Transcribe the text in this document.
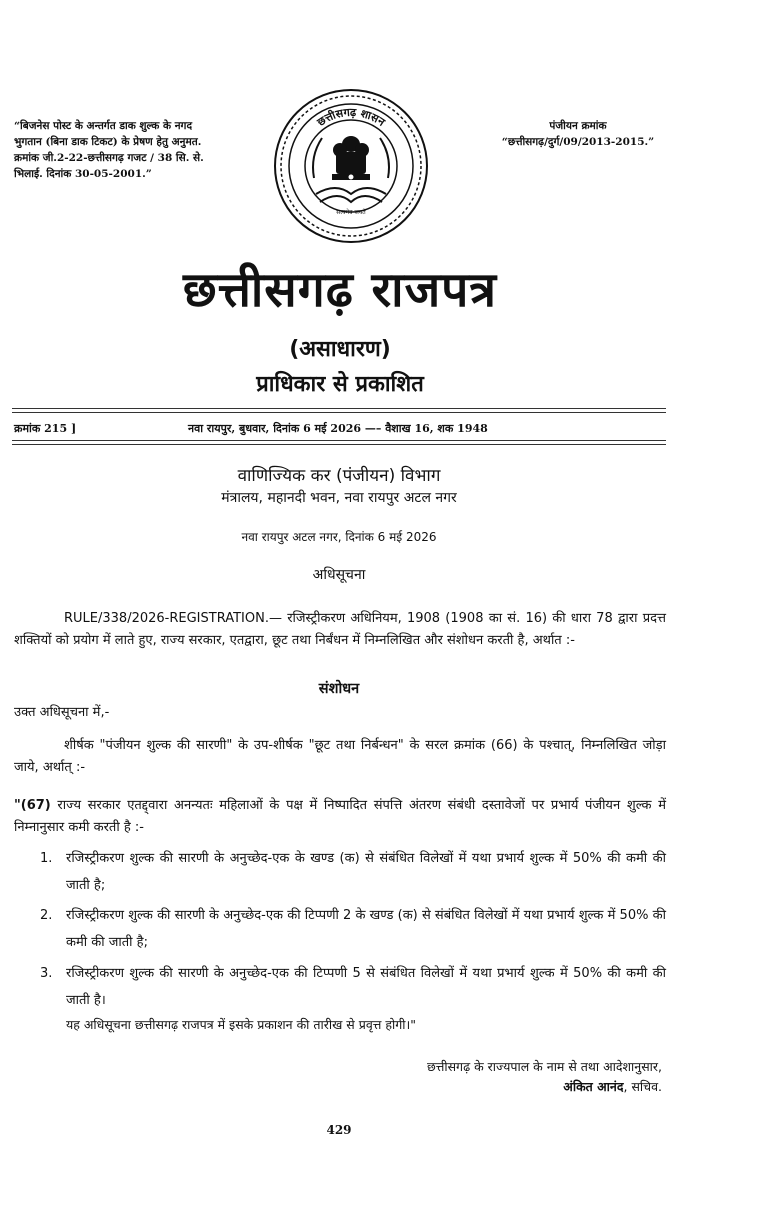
“बिजनेस पोस्ट के अन्तर्गत डाक शुल्क के नगद भुगतान (बिना डाक टिकट) के प्रेषण हेतु अनुमत. क्रमांक जी.2-22-छत्तीसगढ़ गजट / 38 सि. से. भिलाई. दिनांक 30-05-2001.”
पंजीयन क्रमांक
“छत्तीसगढ़/दुर्ग/09/2013-2015.”
छत्तीसगढ़ शासन
सत्यमेव जयते
छत्तीसगढ़ राजपत्र
(असाधारण)
प्राधिकार से प्रकाशित
क्रमांक 215 ]	नवा रायपुर, बुधवार, दिनांक 6 मई 2026 —– वैशाख 16, शक 1948
वाणिज्यिक कर (पंजीयन) विभाग
मंत्रालय, महानदी भवन, नवा रायपुर अटल नगर
नवा रायपुर अटल नगर, दिनांक 6 मई 2026
अधिसूचना
RULE/338/2026-REGISTRATION.— रजिस्ट्रीकरण अधिनियम, 1908 (1908 का सं. 16) की धारा 78 द्वारा प्रदत्त शक्तियों को प्रयोग में लाते हुए, राज्य सरकार, एतद्वारा, छूट तथा निर्बंधन में निम्नलिखित और संशोधन करती है, अर्थात :-
संशोधन
उक्त अधिसूचना में,-
शीर्षक "पंजीयन शुल्क की सारणी" के उप-शीर्षक "छूट तथा निर्बन्धन" के सरल क्रमांक (66) के पश्चात्, निम्नलिखित जोड़ा जाये, अर्थात् :-
"(67) राज्य सरकार एतद्द्वारा अनन्यतः महिलाओं के पक्ष में निष्पादित संपत्ति अंतरण संबंधी दस्तावेजों पर प्रभार्य पंजीयन शुल्क में निम्नानुसार कमी करती है :-
1. रजिस्ट्रीकरण शुल्क की सारणी के अनुच्छेद-एक के खण्ड (क) से संबंधित विलेखों में यथा प्रभार्य शुल्क में 50% की कमी की जाती है;
2. रजिस्ट्रीकरण शुल्क की सारणी के अनुच्छेद-एक की टिप्पणी 2 के खण्ड (क) से संबंधित विलेखों में यथा प्रभार्य शुल्क में 50% की कमी की जाती है;
3. रजिस्ट्रीकरण शुल्क की सारणी के अनुच्छेद-एक की टिप्पणी 5 से संबंधित विलेखों में यथा प्रभार्य शुल्क में 50% की कमी की जाती है।
यह अधिसूचना छत्तीसगढ़ राजपत्र में इसके प्रकाशन की तारीख से प्रवृत्त होगी।"
छत्तीसगढ़ के राज्यपाल के नाम से तथा आदेशानुसार,
अंकित आनंद, सचिव.
429
